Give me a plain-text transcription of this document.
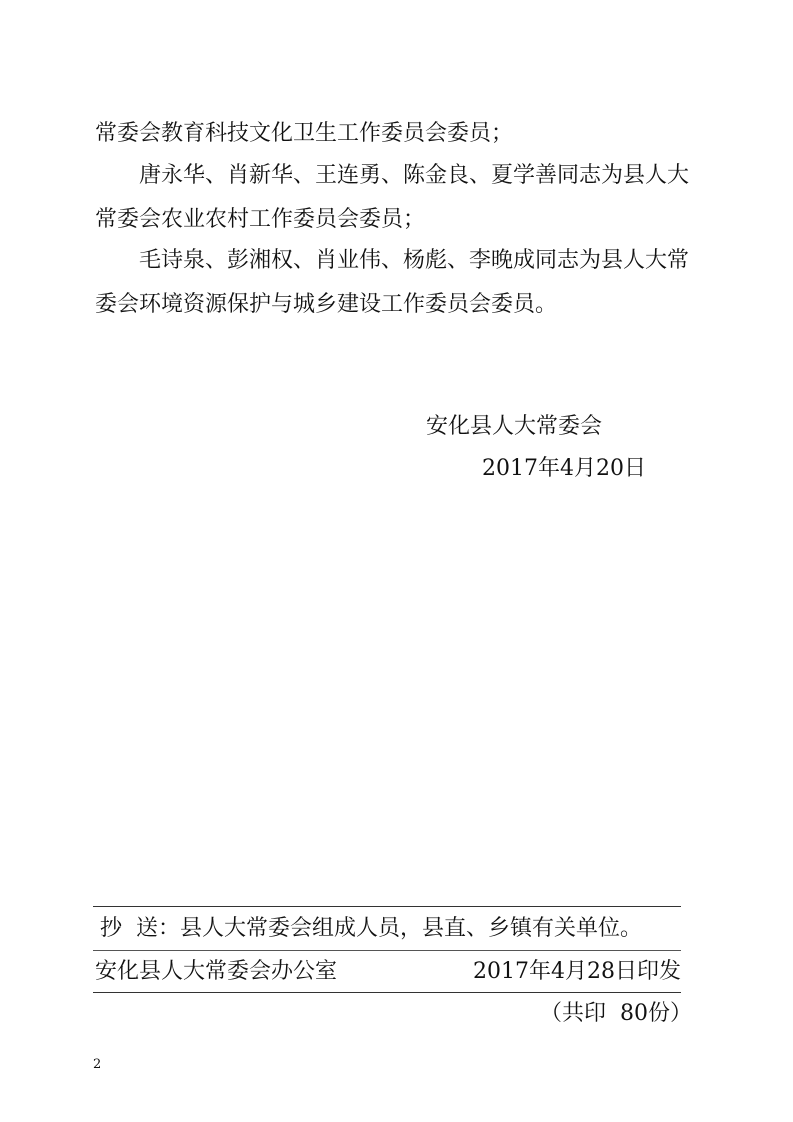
常委会教育科技文化卫生工作委员会委员；
唐永华、肖新华、王连勇、陈金良、夏学善同志为县人大
常委会农业农村工作委员会委员；
毛诗泉、彭湘权、肖业伟、杨彪、李晚成同志为县人大常
委会环境资源保护与城乡建设工作委员会委员。
安化县人大常委会
2017年4月20日
抄  送：县人大常委会组成人员，县直、乡镇有关单位。
安化县人大常委会办公室	2017年4月28日印发
（共印  80份）
2
